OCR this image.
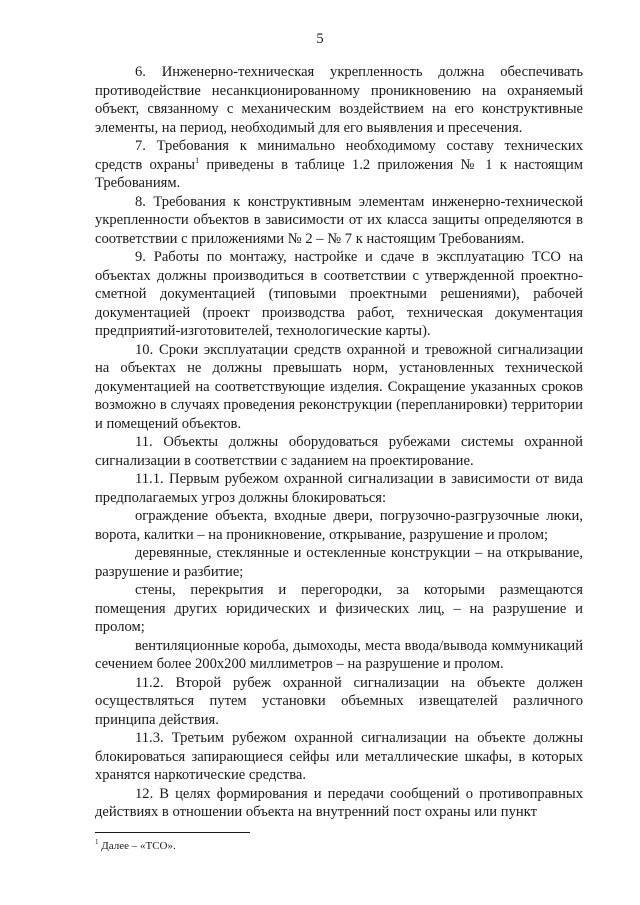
5

6. Инженерно-техническая укрепленность должна обеспечивать противодействие несанкционированному проникновению на охраняемый объект, связанному с механическим воздействием на его конструктивные элементы, на период, необходимый для его выявления и пресечения.

7. Требования к минимально необходимому составу технических средств охраны$^1$ приведены в таблице 1.2 приложения № 1 к настоящим Требованиям.

8. Требования к конструктивным элементам инженерно-технической укрепленности объектов в зависимости от их класса защиты определяются в соответствии с приложениями № 2 – № 7 к настоящим Требованиям.

9. Работы по монтажу, настройке и сдаче в эксплуатацию ТСО на объектах должны производиться в соответствии с утвержденной проектно-сметной документацией (типовыми проектными решениями), рабочей документацией (проект производства работ, техническая документация предприятий-изготовителей, технологические карты).

10. Сроки эксплуатации средств охранной и тревожной сигнализации на объектах не должны превышать норм, установленных технической документацией на соответствующие изделия. Сокращение указанных сроков возможно в случаях проведения реконструкции (перепланировки) территории и помещений объектов.

11. Объекты должны оборудоваться рубежами системы охранной сигнализации в соответствии с заданием на проектирование.

11.1. Первым рубежом охранной сигнализации в зависимости от вида предполагаемых угроз должны блокироваться:

ограждение объекта, входные двери, погрузочно-разгрузочные люки, ворота, калитки – на проникновение, открывание, разрушение и пролом;

деревянные, стеклянные и остекленные конструкции – на открывание, разрушение и разбитие;

стены, перекрытия и перегородки, за которыми размещаются помещения других юридических и физических лиц, – на разрушение и пролом;

вентиляционные короба, дымоходы, места ввода/вывода коммуникаций сечением более 200х200 миллиметров – на разрушение и пролом.

11.2. Второй рубеж охранной сигнализации на объекте должен осуществляться путем установки объемных извещателей различного принципа действия.

11.3. Третьим рубежом охранной сигнализации на объекте должны блокироваться запирающиеся сейфы или металлические шкафы, в которых хранятся наркотические средства.

12. В целях формирования и передачи сообщений о противоправных действиях в отношении объекта на внутренний пост охраны или пункт

$^1$ Далее – «ТСО».
